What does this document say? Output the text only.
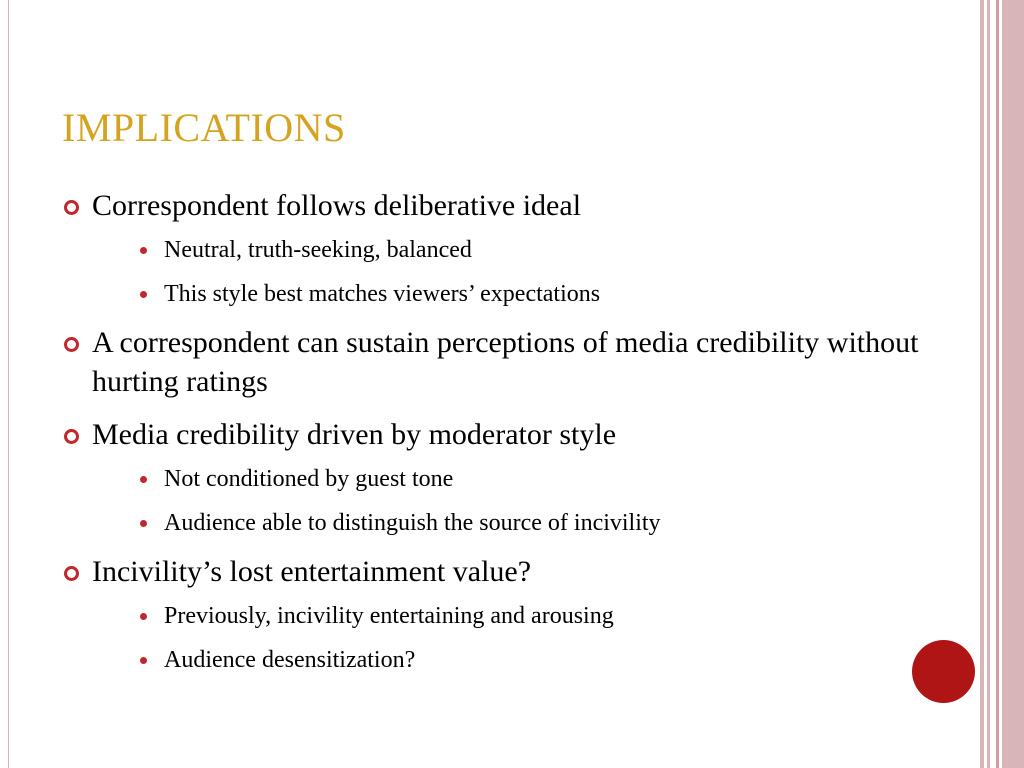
IMPLICATIONS
Correspondent follows deliberative ideal
Neutral, truth-seeking, balanced
This style best matches viewers’ expectations
A correspondent can sustain perceptions of media credibility without hurting ratings
Media credibility driven by moderator style
Not conditioned by guest tone
Audience able to distinguish the source of incivility
Incivility’s lost entertainment value?
Previously, incivility entertaining and arousing
Audience desensitization?
